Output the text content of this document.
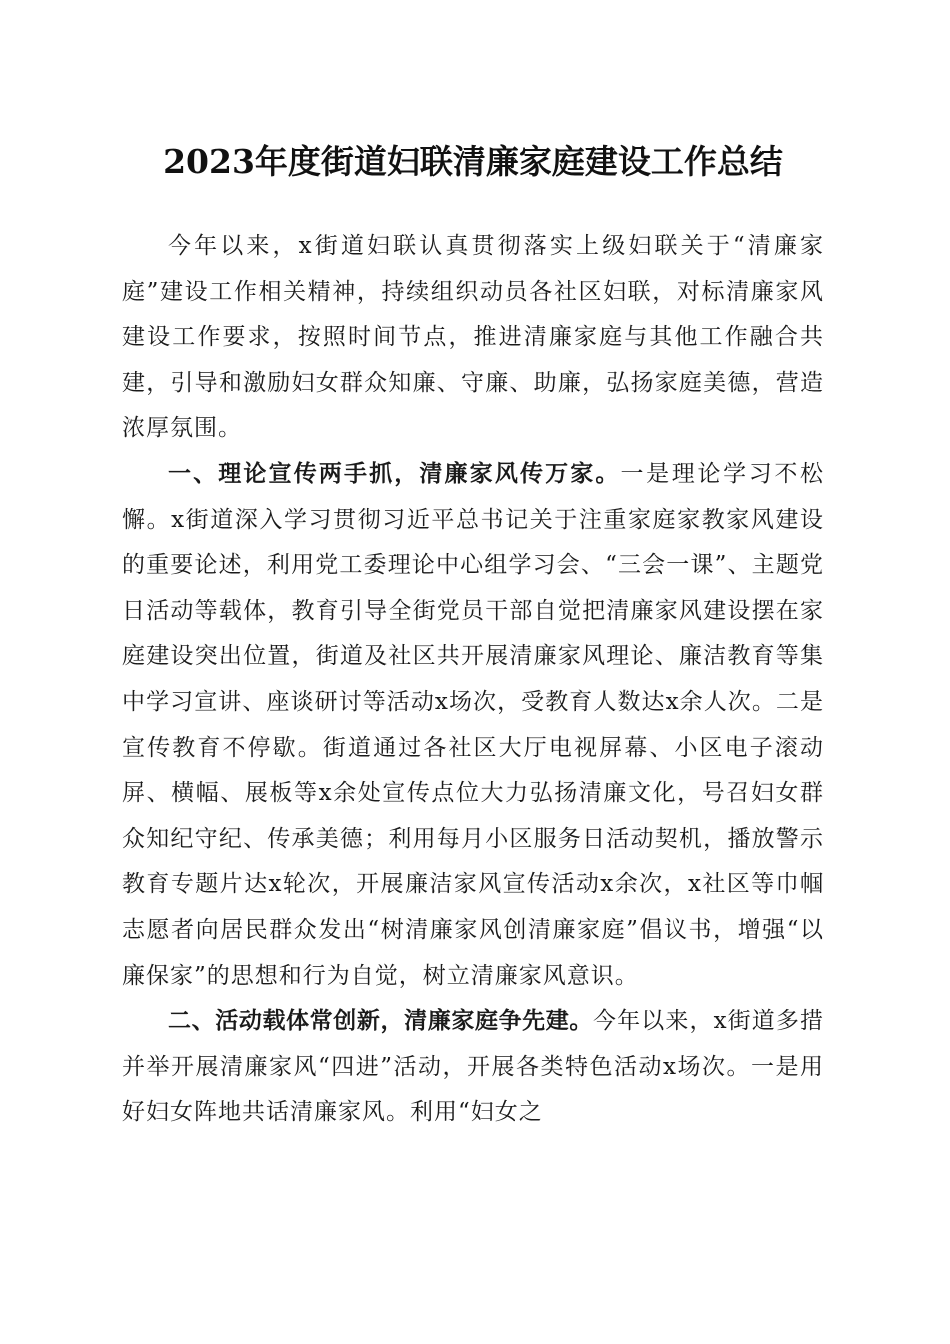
2023年度街道妇联清廉家庭建设工作总结

今年以来，x街道妇联认真贯彻落实上级妇联关于“清廉家庭”建设工作相关精神，持续组织动员各社区妇联，对标清廉家风建设工作要求，按照时间节点，推进清廉家庭与其他工作融合共建，引导和激励妇女群众知廉、守廉、助廉，弘扬家庭美德，营造浓厚氛围。

一、理论宣传两手抓，清廉家风传万家。一是理论学习不松懈。x街道深入学习贯彻习近平总书记关于注重家庭家教家风建设的重要论述，利用党工委理论中心组学习会、“三会一课”、主题党日活动等载体，教育引导全街党员干部自觉把清廉家风建设摆在家庭建设突出位置，街道及社区共开展清廉家风理论、廉洁教育等集中学习宣讲、座谈研讨等活动x场次，受教育人数达x余人次。二是宣传教育不停歇。街道通过各社区大厅电视屏幕、小区电子滚动屏、横幅、展板等x余处宣传点位大力弘扬清廉文化，号召妇女群众知纪守纪、传承美德；利用每月小区服务日活动契机，播放警示教育专题片达x轮次，开展廉洁家风宣传活动x余次，x社区等巾帼志愿者向居民群众发出“树清廉家风创清廉家庭”倡议书，增强“以廉保家”的思想和行为自觉，树立清廉家风意识。

二、活动载体常创新，清廉家庭争先建。今年以来，x街道多措并举开展清廉家风“四进”活动，开展各类特色活动x场次。一是用好妇女阵地共话清廉家风。利用“妇女之
